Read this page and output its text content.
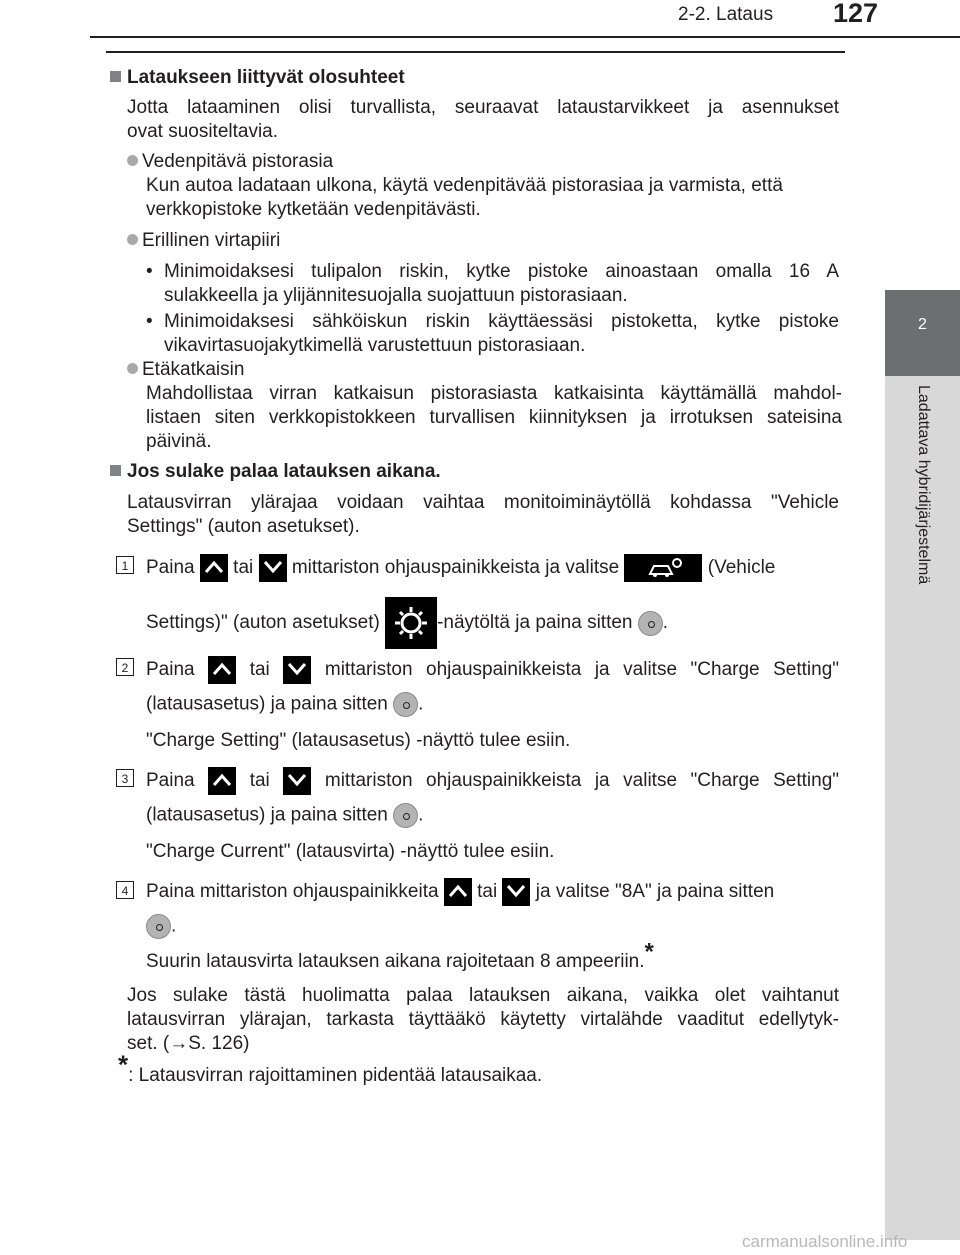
2-2. Lataus 127
2
Ladattava hybridijärjestelmä
Lataukseen liittyvät olosuhteet
Jotta lataaminen olisi turvallista, seuraavat lataustarvikkeet ja asennukset
ovat suositeltavia.
Vedenpitävä pistorasia
Kun autoa ladataan ulkona, käytä vedenpitävää pistorasiaa ja varmista, että
verkkopistoke kytketään vedenpitävästi.
Erillinen virtapiiri
• Minimoidaksesi tulipalon riskin, kytke pistoke ainoastaan omalla 16 A
sulakkeella ja ylijännitesuojalla suojattuun pistorasiaan.
• Minimoidaksesi sähköiskun riskin käyttäessäsi pistoketta, kytke pistoke
vikavirtasuojakytkimellä varustettuun pistorasiaan.
Etäkatkaisin
Mahdollistaa virran katkaisun pistorasiasta katkaisinta käyttämällä mahdol-
listaen siten verkkopistokkeen turvallisen kiinnityksen ja irrotuksen sateisina
päivinä.
Jos sulake palaa latauksen aikana.
Latausvirran ylärajaa voidaan vaihtaa monitoiminäytöllä kohdassa "Vehicle
Settings" (auton asetukset).
1 Paina tai mittariston ohjauspainikkeista ja valitse	(Vehicle
Settings)" (auton asetukset)	-näytöltä ja paina sitten .
2 Paina	tai	mittariston ohjauspainikkeista ja valitse "Charge Setting"
(latausasetus) ja paina sitten .
"Charge Setting" (latausasetus) -näyttö tulee esiin.
3 Paina	tai	mittariston ohjauspainikkeista ja valitse "Charge Setting"
(latausasetus) ja paina sitten .
"Charge Current" (latausvirta) -näyttö tulee esiin.
4 Paina mittariston ohjauspainikkeita tai ja valitse "8A" ja paina sitten
.
Suurin latausvirta latauksen aikana rajoitetaan 8 ampeeriin.*
Jos sulake tästä huolimatta palaa latauksen aikana, vaikka olet vaihtanut
latausvirran ylärajan, tarkasta täyttääkö käytetty virtalähde vaaditut edellytyk-
set. (→S. 126)
*: Latausvirran rajoittaminen pidentää latausaikaa.
carmanualsonline.info
